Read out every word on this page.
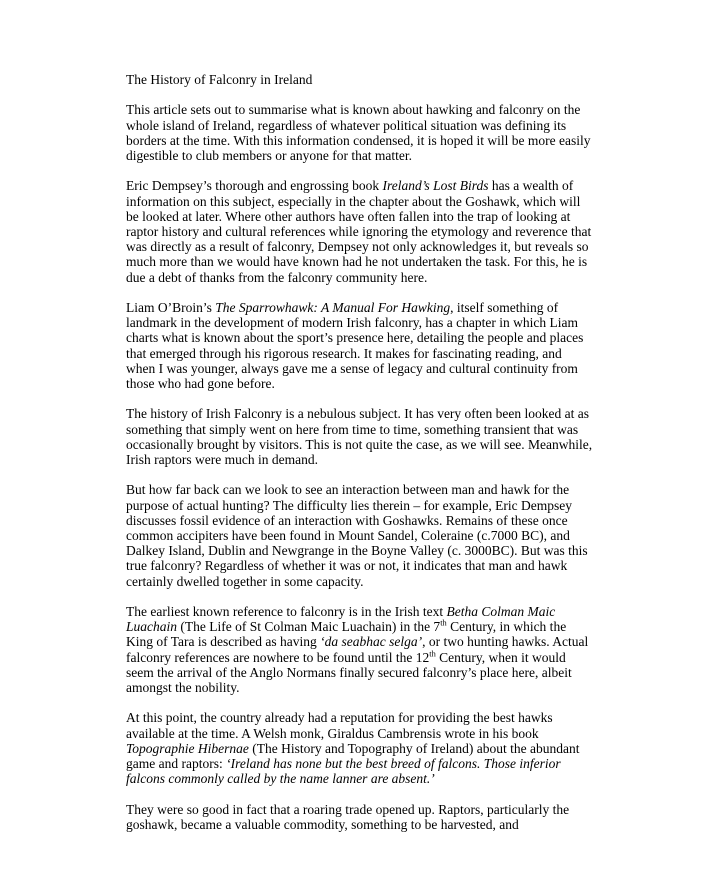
The History of Falconry in Ireland

This article sets out to summarise what is known about hawking and falconry on the whole island of Ireland, regardless of whatever political situation was defining its borders at the time. With this information condensed, it is hoped it will be more easily digestible to club members or anyone for that matter.

Eric Dempsey’s thorough and engrossing book Ireland’s Lost Birds has a wealth of information on this subject, especially in the chapter about the Goshawk, which will be looked at later. Where other authors have often fallen into the trap of looking at raptor history and cultural references while ignoring the etymology and reverence that was directly as a result of falconry, Dempsey not only acknowledges it, but reveals so much more than we would have known had he not undertaken the task. For this, he is due a debt of thanks from the falconry community here.

Liam O’Broin’s The Sparrowhawk: A Manual For Hawking, itself something of landmark in the development of modern Irish falconry, has a chapter in which Liam charts what is known about the sport’s presence here, detailing the people and places that emerged through his rigorous research. It makes for fascinating reading, and when I was younger, always gave me a sense of legacy and cultural continuity from those who had gone before.

The history of Irish Falconry is a nebulous subject. It has very often been looked at as something that simply went on here from time to time, something transient that was occasionally brought by visitors. This is not quite the case, as we will see. Meanwhile, Irish raptors were much in demand.

But how far back can we look to see an interaction between man and hawk for the purpose of actual hunting? The difficulty lies therein – for example, Eric Dempsey discusses fossil evidence of an interaction with Goshawks. Remains of these once common accipiters have been found in Mount Sandel, Coleraine (c.7000 BC), and Dalkey Island, Dublin and Newgrange in the Boyne Valley (c. 3000BC). But was this true falconry? Regardless of whether it was or not, it indicates that man and hawk certainly dwelled together in some capacity.

The earliest known reference to falconry is in the Irish text Betha Colman Maic Luachain (The Life of St Colman Maic Luachain) in the 7th Century, in which the King of Tara is described as having ‘da seabhac selga’, or two hunting hawks. Actual falconry references are nowhere to be found until the 12th Century, when it would seem the arrival of the Anglo Normans finally secured falconry’s place here, albeit amongst the nobility.

At this point, the country already had a reputation for providing the best hawks available at the time. A Welsh monk, Giraldus Cambrensis wrote in his book Topographie Hibernae (The History and Topography of Ireland) about the abundant game and raptors: ‘Ireland has none but the best breed of falcons. Those inferior falcons commonly called by the name lanner are absent.’

They were so good in fact that a roaring trade opened up. Raptors, particularly the goshawk, became a valuable commodity, something to be harvested, and
